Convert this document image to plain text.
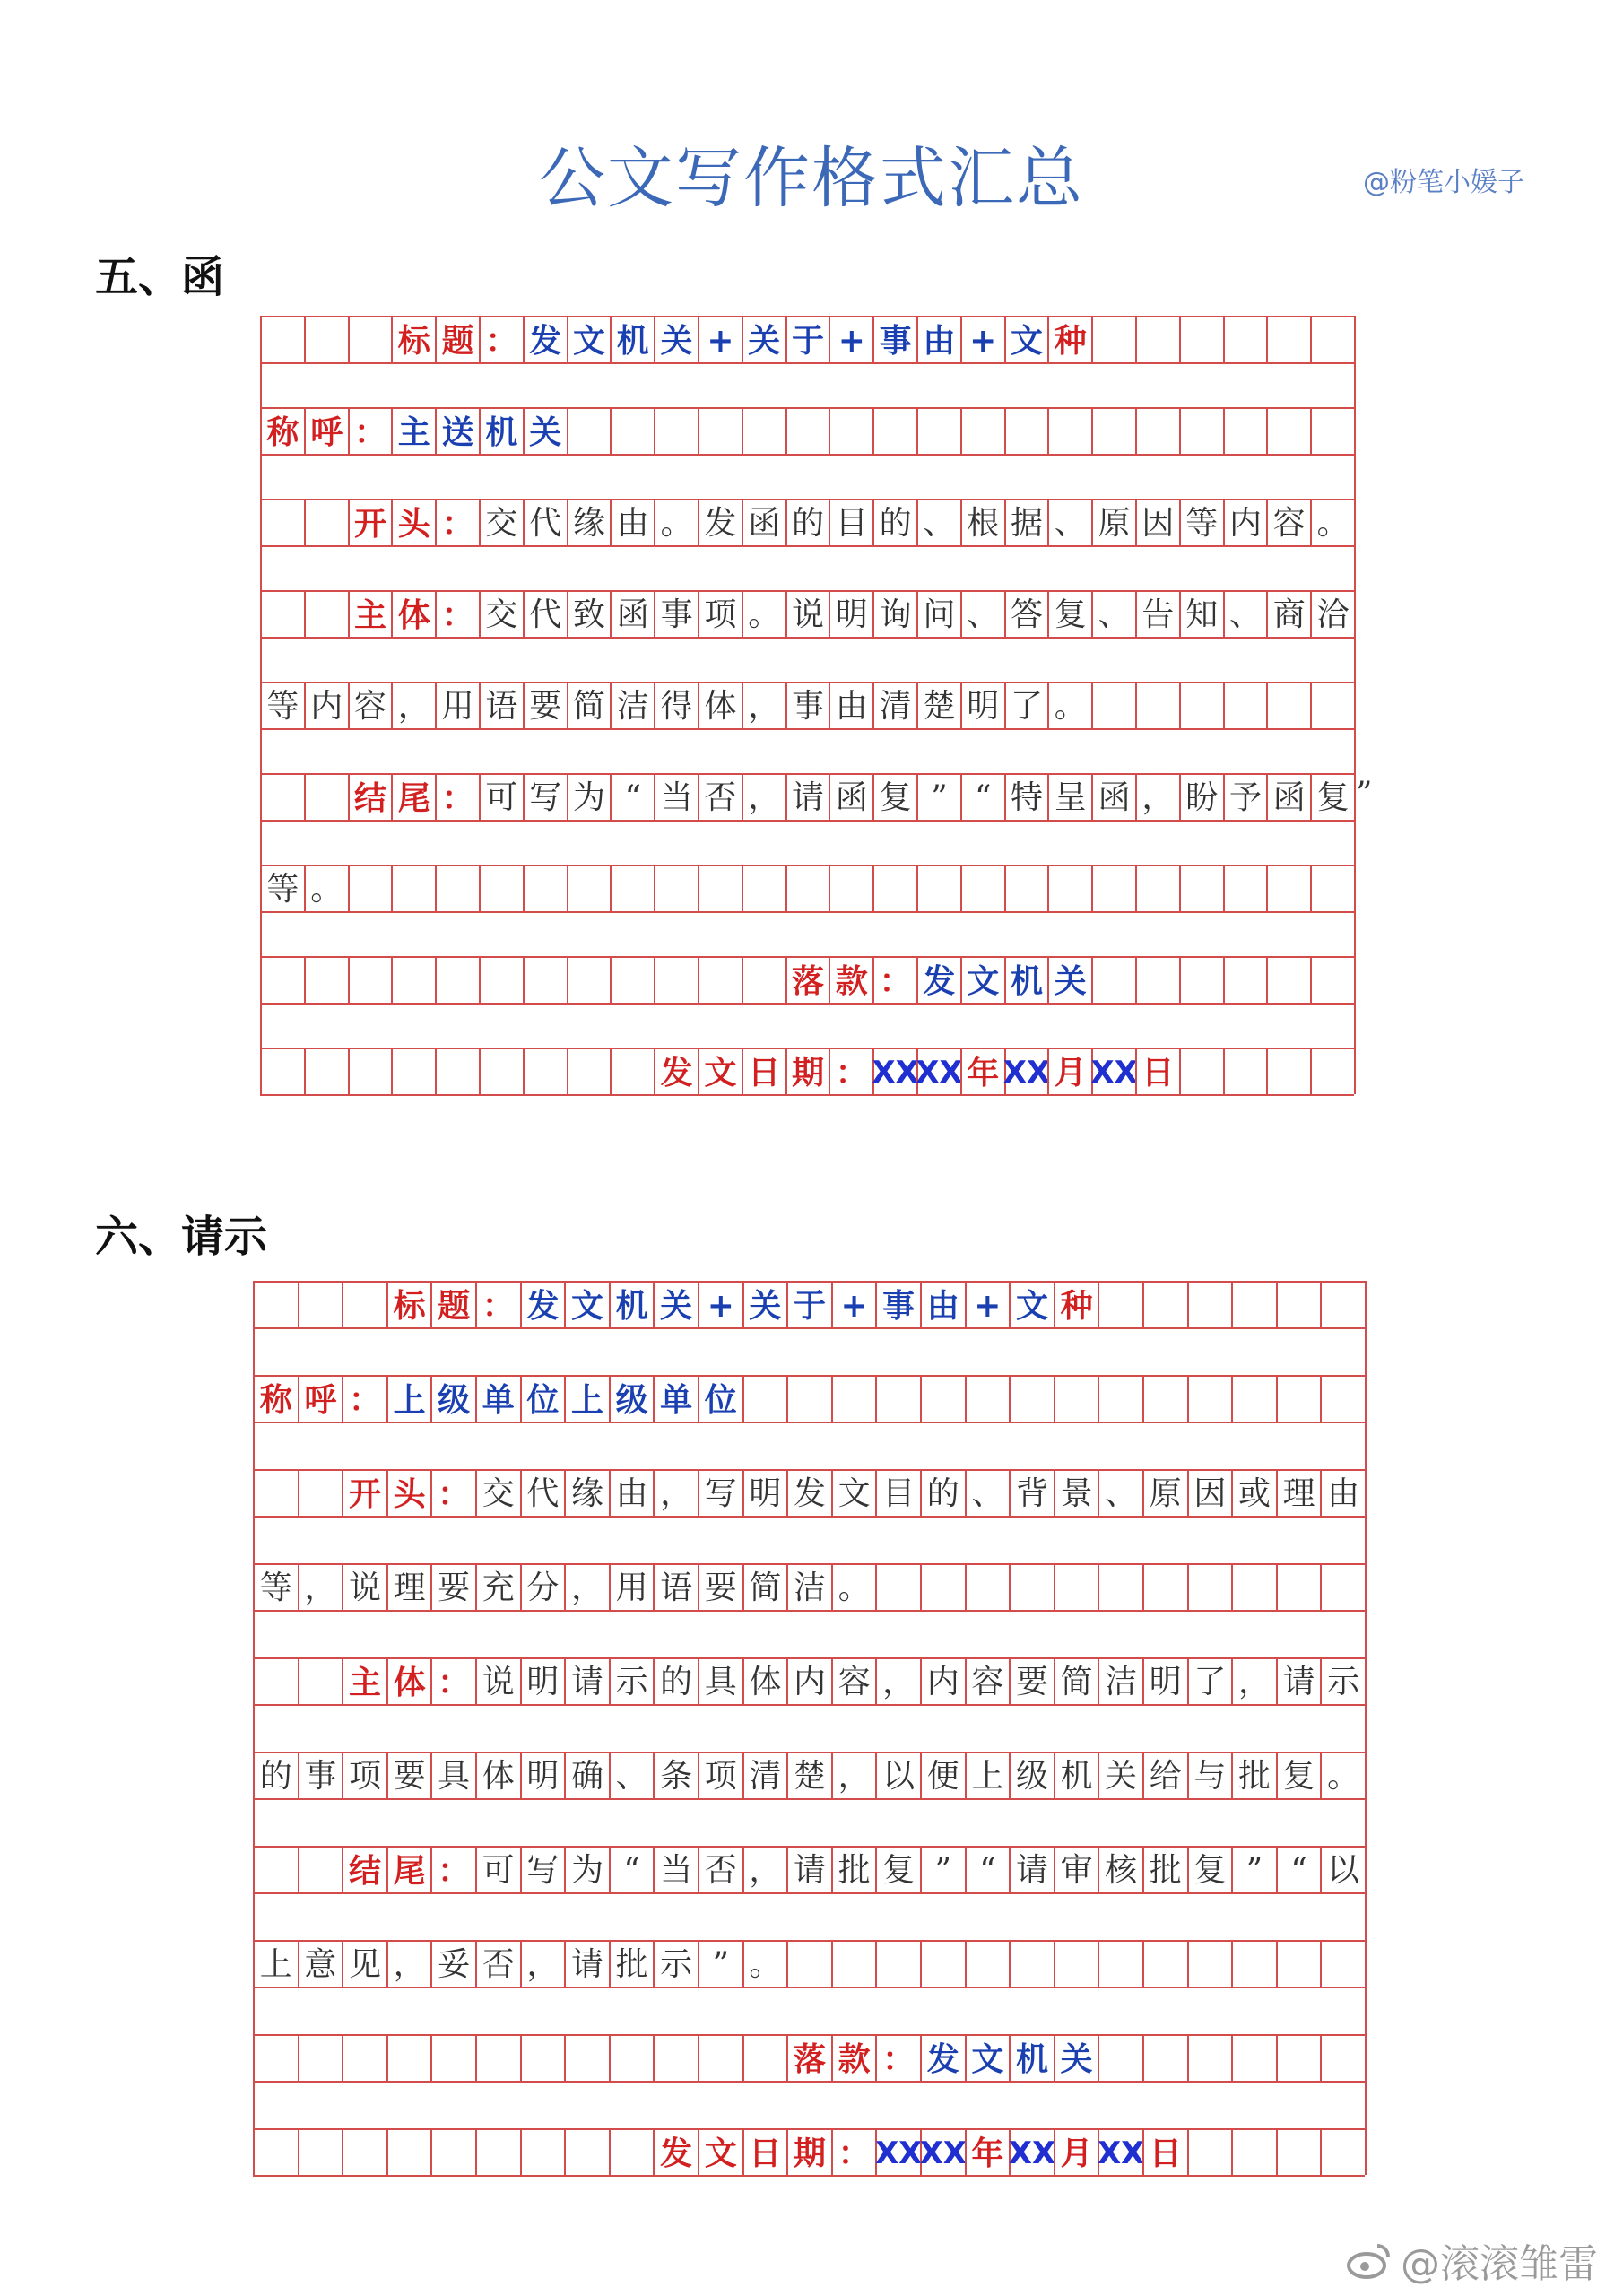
公文写作格式汇总	@粉笔小媛子
五、函
标 题 ： 发 文 机 关 + 关 于 + 事 由 + 文 种
称 呼 ： 主 送 机 关
开 头 ： 交 代 缘 由 。 发 函 的 目 的 、 根 据 、 原 因 等 内 容 。
主 体 ： 交 代 致 函 事 项 。 说 明 询 问 、 答 复 、 告 知 、 商 洽
等 内 容 ， 用 语 要 简 洁 得 体 ， 事 由 清 楚 明 了 。
结 尾 ： 可 写 为 “ 当 否 ， 请 函 复 ” “ 特 呈 函 ， 盼 予 函 复 ”
等 。
落 款 ： 发 文 机 关
发 文 日 期 ： XX
XX 年 XX 月 XX 日
六、请示
标 题 ： 发 文 机 关 + 关 于 + 事 由 + 文 种
称 呼 ： 上 级 单 位 上 级 单 位
开 头 ： 交 代 缘 由 ， 写 明 发 文 目 的 、 背 景 、 原 因 或 理 由
等 ， 说 理 要 充 分 ， 用 语 要 简 洁 。
主 体 ： 说 明 请 示 的 具 体 内 容 ， 内 容 要 简 洁 明 了 ， 请 示
的 事 项 要 具 体 明 确 、 条 项 清 楚 ， 以 便 上 级 机 关 给 与 批 复 。
结 尾 ： 可 写 为 “ 当 否 ， 请 批 复 ” “ 请 审 核 批 复 ” “ 以
上 意 见 ， 妥 否 ， 请 批 示 ” 。
落 款 ： 发 文 机 关
发 文 日 期 ： XX
XX 年 XX 月 XX 日
@滚滚雏雷
